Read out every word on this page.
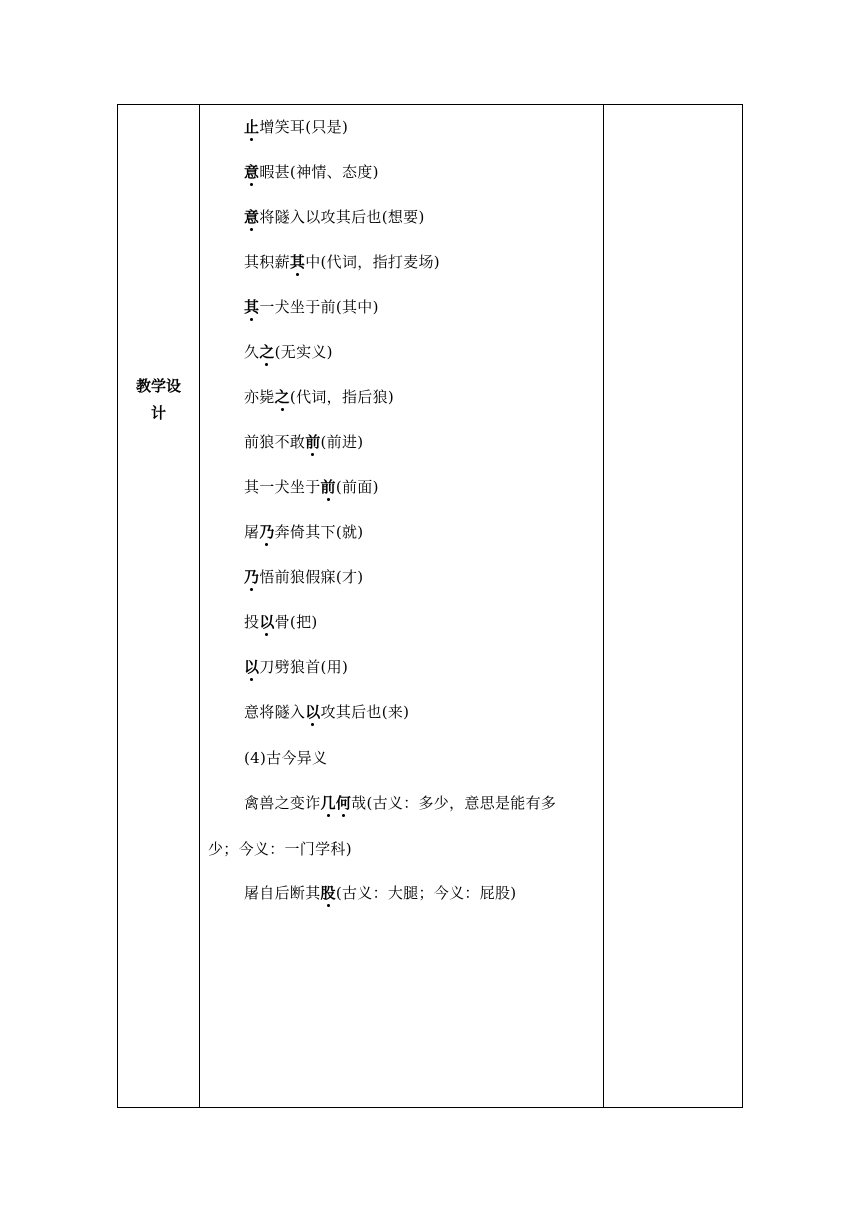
教学设
计
止增笑耳(只是)
意暇甚(神情、态度)
意将隧入以攻其后也(想要)
其积薪其中(代词，指打麦场)
其一犬坐于前(其中)
久之(无实义)
亦毙之(代词，指后狼)
前狼不敢前(前进)
其一犬坐于前(前面)
屠乃奔倚其下(就)
乃悟前狼假寐(才)
投以骨(把)
以刀劈狼首(用)
意将隧入以攻其后也(来)
(4)古今异义
禽兽之变诈几何哉(古义：多少，意思是能有多
少；今义：一门学科)
屠自后断其股(古义：大腿；今义：屁股)
